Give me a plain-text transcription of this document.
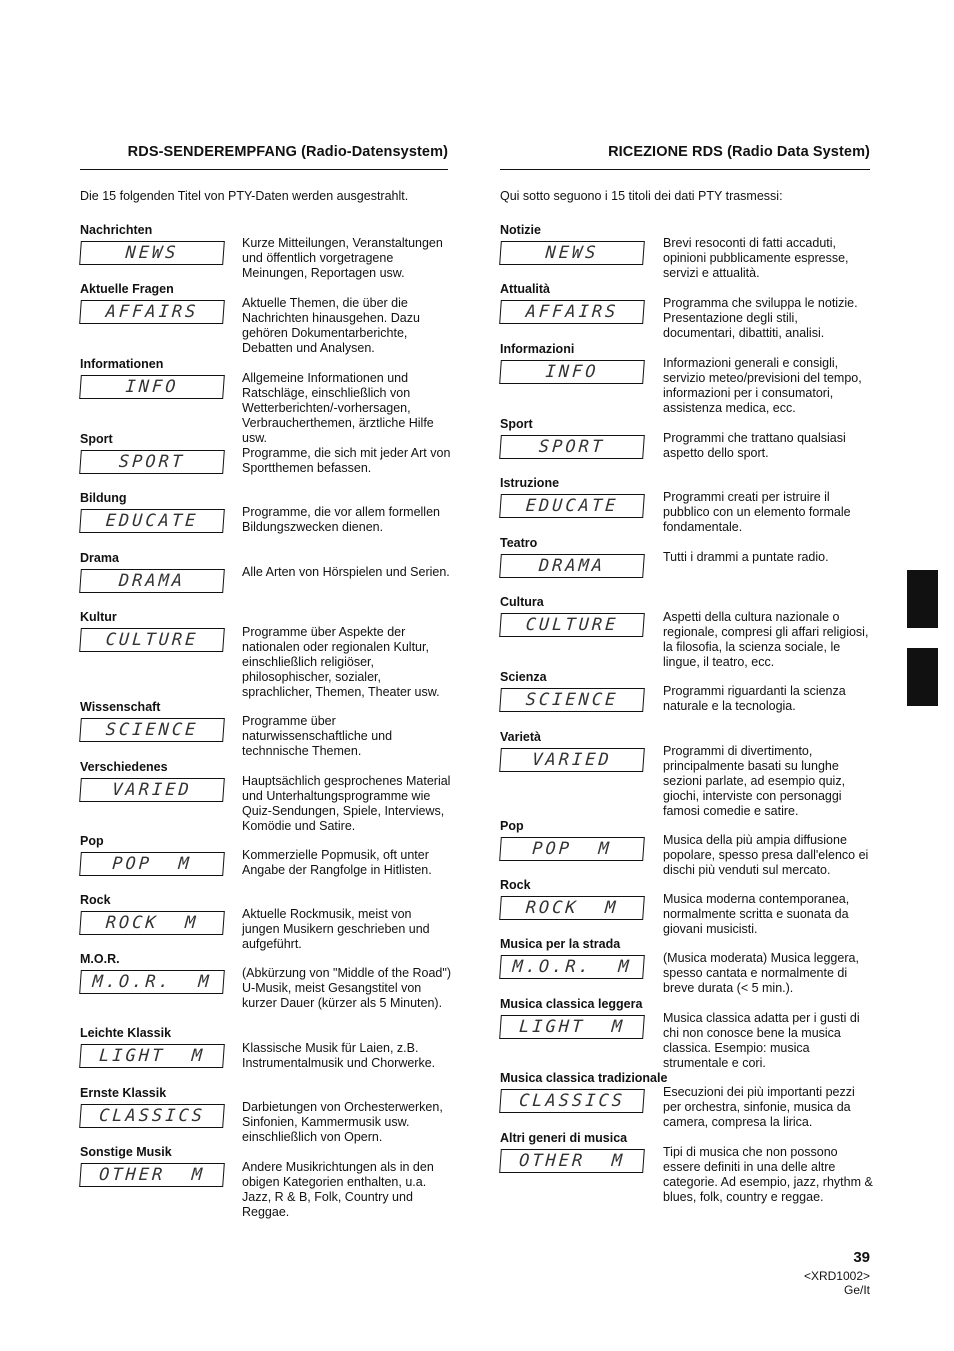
RDS-SENDEREMPFANG (Radio-Datensystem)

Die 15 folgenden Titel von PTY-Daten werden ausgestrahlt.

Nachrichten
NEWS	Kurze Mitteilungen, Veranstaltungen und öffentlich vorgetragene Meinungen, Reportagen usw.
Aktuelle Fragen
AFFAIRS	Aktuelle Themen, die über die Nachrichten hinausgehen. Dazu gehören Dokumentarberichte, Debatten und Analysen.
Informationen
INFO	Allgemeine Informationen und Ratschläge, einschließlich von Wetterberichten/-vorhersagen, Verbraucherthemen, ärztliche Hilfe usw.
Sport
SPORT	Programme, die sich mit jeder Art von Sportthemen befassen.
Bildung
EDUCATE	Programme, die vor allem formellen Bildungszwecken dienen.
Drama
DRAMA	Alle Arten von Hörspielen und Serien.
Kultur
CULTURE	Programme über Aspekte der nationalen oder regionalen Kultur, einschließlich religiöser, philosophischer, sozialer, sprachlicher, Themen, Theater usw.
Wissenschaft
SCIENCE	Programme über naturwissenschaftliche und technnische Themen.
Verschiedenes
VARIED	Hauptsächlich gesprochenes Material und Unterhaltungsprogramme wie Quiz-Sendungen, Spiele, Interviews, Komödie und Satire.
Pop
POP  M	Kommerzielle Popmusik, oft unter Angabe der Rangfolge in Hitlisten.
Rock
ROCK  M	Aktuelle Rockmusik, meist von jungen Musikern geschrieben und aufgeführt.
M.O.R.
M.O.R.  M	(Abkürzung von "Middle of the Road") U-Musik, meist Gesangstitel von kurzer Dauer (kürzer als 5 Minuten).
Leichte Klassik
LIGHT  M	Klassische Musik für Laien, z.B. Instrumentalmusik und Chorwerke.
Ernste Klassik
CLASSICS	Darbietungen von Orchesterwerken, Sinfonien, Kammermusik usw. einschließlich von Opern.
Sonstige Musik
OTHER  M	Andere Musikrichtungen als in den obigen Kategorien enthalten, u.a. Jazz, R & B, Folk, Country und Reggae.
RICEZIONE RDS (Radio Data System)

Qui sotto seguono i 15 titoli dei dati PTY trasmessi:

Notizie
NEWS	Brevi resoconti di fatti accaduti, opinioni pubblicamente espresse, servizi e attualità.
Attualità
AFFAIRS	Programma che sviluppa le notizie. Presentazione degli stili, documentari, dibattiti, analisi.
Informazioni
INFO	Informazioni generali e consigli, servizio meteo/previsioni del tempo, informazioni per i consumatori, assistenza medica, ecc.
Sport
SPORT	Programmi che trattano qualsiasi aspetto dello sport.
Istruzione
EDUCATE	Programmi creati per istruire il pubblico con un elemento formale fondamentale.
Teatro
DRAMA	Tutti i drammi a puntate radio.
Cultura
CULTURE	Aspetti della cultura nazionale o regionale, compresi gli affari religiosi, la filosofia, la scienza sociale, le lingue, il teatro, ecc.
Scienza
SCIENCE	Programmi riguardanti la scienza naturale e la tecnologia.
Varietà
VARIED	Programmi di divertimento, principalmente basati su lunghe sezioni parlate, ad esempio quiz, giochi, interviste con personaggi famosi comedie e satire.
Pop
POP  M	Musica della più ampia diffusione popolare, spesso presa dall'elenco ei dischi più venduti sul mercato.
Rock
ROCK  M	Musica moderna contemporanea, normalmente scritta e suonata da giovani musicisti.
Musica per la strada
M.O.R.  M	(Musica moderata) Musica leggera, spesso cantata e normalmente di breve durata (< 5 min.).
Musica classica leggera
LIGHT  M	Musica classica adatta per i gusti di chi non conosce bene la musica classica. Esempio: musica strumentale e cori.
Musica classica tradizionale
CLASSICS	Esecuzioni dei più importanti pezzi per orchestra, sinfonie, musica da camera, compresa la lirica.
Altri generi di musica
OTHER  M	Tipi di musica che non possono essere definiti in una delle altre categorie. Ad esempio, jazz, rhythm & blues, folk, country e reggae.
39
<XRD1002>
Ge/It
